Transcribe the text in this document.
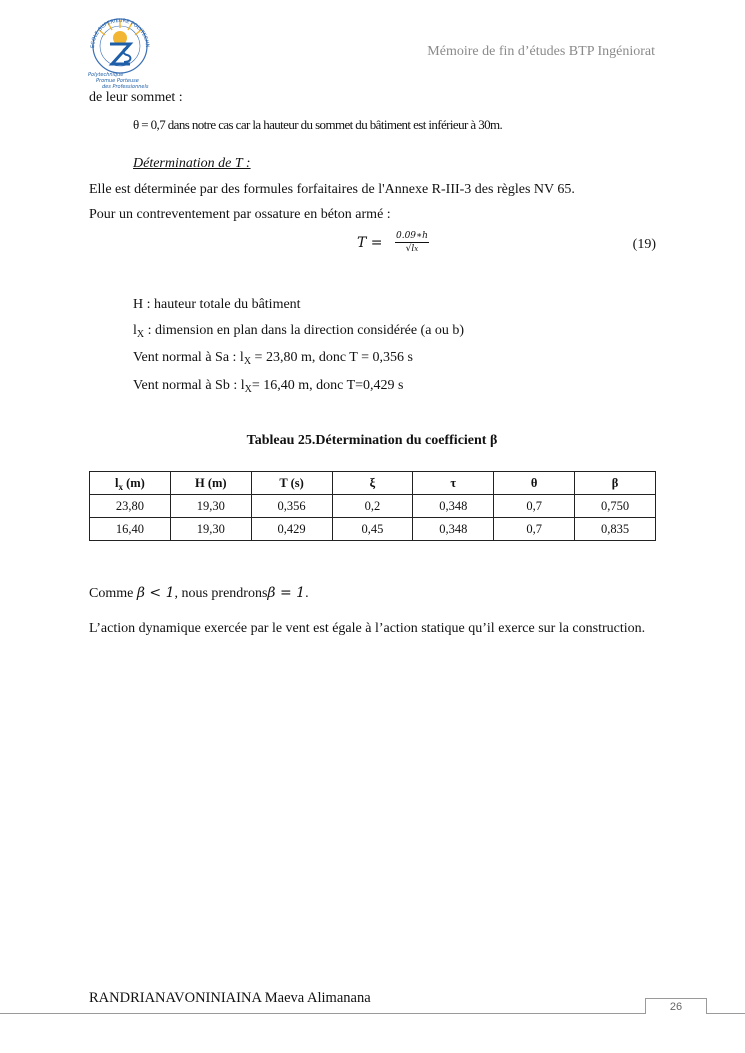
ECOLE SUPERIEURE POLYTECHN
Polytechnique
Promue Porteuse
des Professionnels
Mémoire de fin d’études BTP Ingéniorat
de leur sommet :
θ = 0,7 dans notre cas car la hauteur du sommet du bâtiment est inférieur à 30m.
Détermination de T :
Elle est déterminée par des formules forfaitaires de l'Annexe R-III-3 des règles NV 65.
Pour un contreventement par ossature en béton armé :
$T = \frac{0.09∗h}{√lx}$	(19)
H : hauteur totale du bâtiment
$l_X$ : dimension en plan dans la direction considérée (a ou b)
Vent normal à Sa : $l_X = 23,80$ m, donc T = 0,356 s
Vent normal à Sb : $l_X= 16,40$ m, donc T=0,429 s
Tableau 25.Détermination du coefficient β
$l_x$ (m)	H (m)	T (s)	ξ	τ	θ	β
23,80	19,30	0,356	0,2	0,348	0,7	0,750
16,40	19,30	0,429	0,45	0,348	0,7	0,835
Comme β < 1, nous prendronsβ = 1.
L’action dynamique exercée par le vent est égale à l’action statique qu’il exerce sur la construction.
RANDRIANAVONINIAINA Maeva Alimanana
26
